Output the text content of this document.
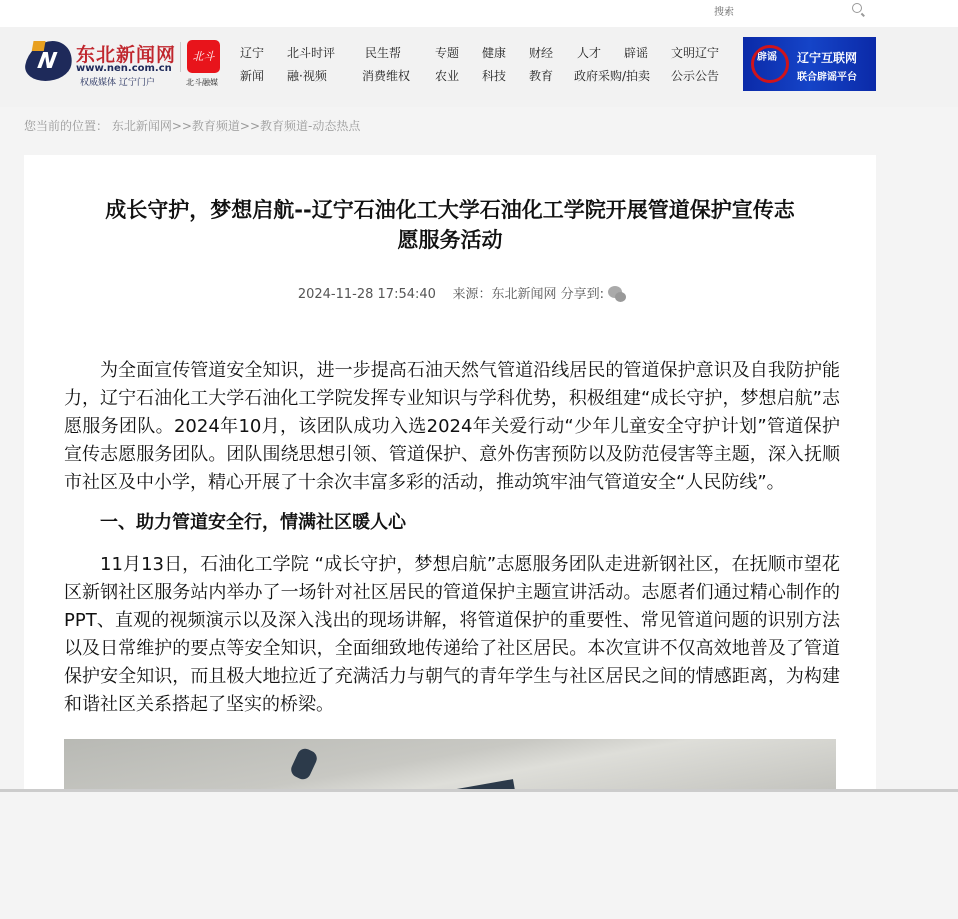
搜索
N
东北新闻网
www.nen.com.cn
权威媒体 辽宁门户
北斗
北斗融媒
辽宁
新闻
北斗时评
融·视频
民生帮
消费维权
专题
农业
健康
科技
财经
教育
人才
政府采购/拍卖
辟谣
公示公告
文明辽宁	辟谣	辽宁互联网
联合辟谣平台
您当前的位置： 东北新闻网>>教育频道>>教育频道-动态热点
成长守护，梦想启航--辽宁石油化工大学石油化工学院开展管道保护宣传志愿服务活动
2024-11-28 17:54:40 来源：东北新闻网 分享到:

为全面宣传管道安全知识，进一步提高石油天然气管道沿线居民的管道保护意识及自我防护能力，辽宁石油化工大学石油化工学院发挥专业知识与学科优势，积极组建“成长守护，梦想启航”志愿服务团队。2024年10月，该团队成功入选2024年关爱行动“少年儿童安全守护计划”管道保护宣传志愿服务团队。团队围绕思想引领、管道保护、意外伤害预防以及防范侵害等主题，深入抚顺市社区及中小学，精心开展了十余次丰富多彩的活动，推动筑牢油气管道安全“人民防线”。

一、助力管道安全行，情满社区暖人心

11月13日，石油化工学院 “成长守护，梦想启航”志愿服务团队走进新钢社区，在抚顺市望花区新钢社区服务站内举办了一场针对社区居民的管道保护主题宣讲活动。志愿者们通过精心制作的PPT、直观的视频演示以及深入浅出的现场讲解，将管道保护的重要性、常见管道问题的识别方法以及日常维护的要点等安全知识，全面细致地传递给了社区居民。本次宣讲不仅高效地普及了管道保护安全知识，而且极大地拉近了充满活力与朝气的青年学生与社区居民之间的情感距离，为构建和谐社区关系搭起了坚实的桥梁。
